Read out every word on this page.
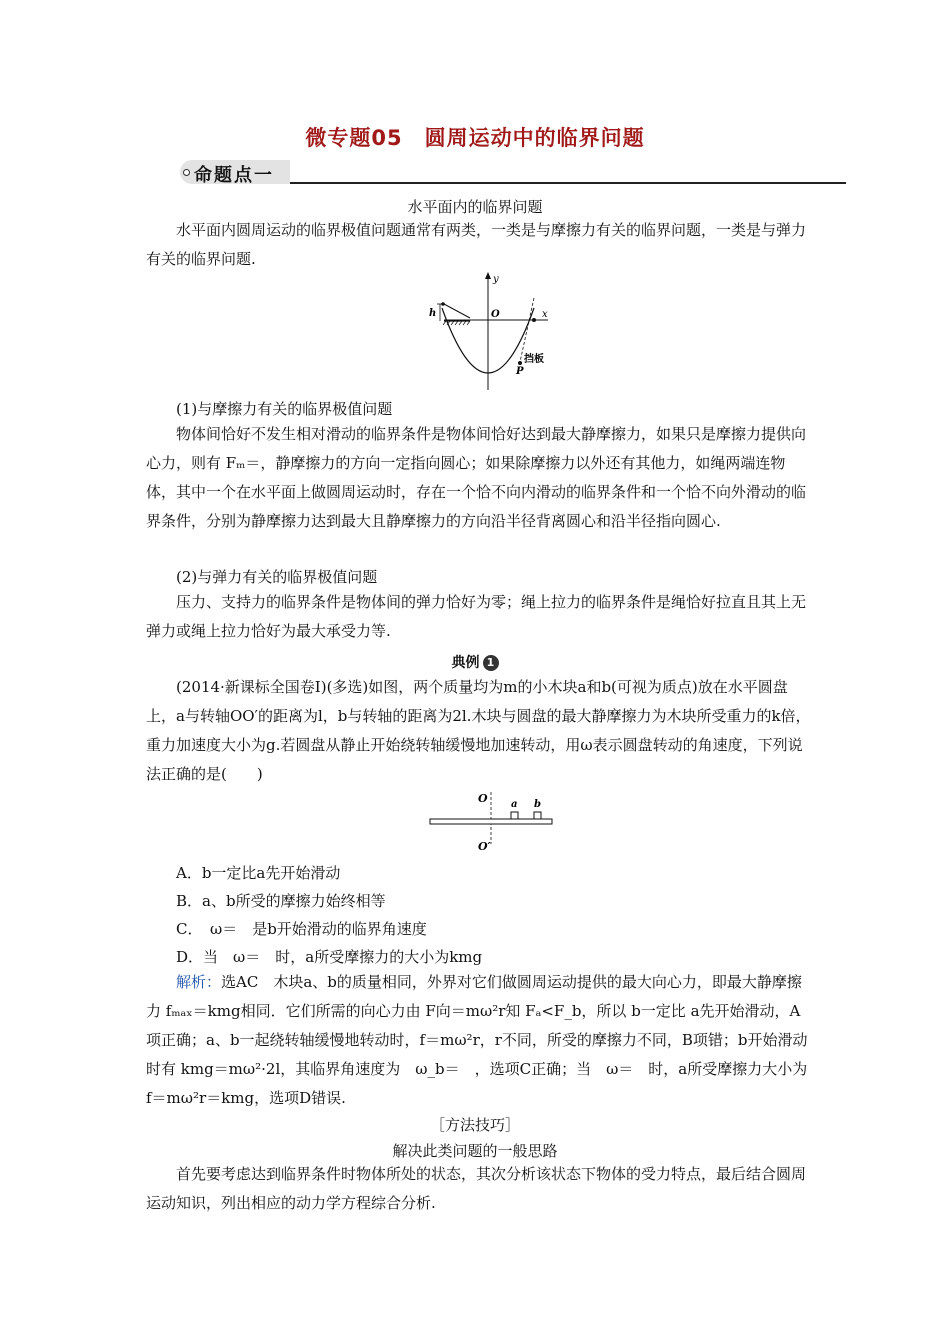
微专题05　圆周运动中的临界问题
命题点一
水平面内的临界问题
水平面内圆周运动的临界极值问题通常有两类，一类是与摩擦力有关的临界问题，一类是与弹力有关的临界问题.
y
x
O
h
挡板
P
(1)与摩擦力有关的临界极值问题
物体间恰好不发生相对滑动的临界条件是物体间恰好达到最大静摩擦力，如果只是摩擦力提供向心力，则有 Fₘ＝，静摩擦力的方向一定指向圆心；如果除摩擦力以外还有其他力，如绳两端连物体，其中一个在水平面上做圆周运动时，存在一个恰不向内滑动的临界条件和一个恰不向外滑动的临界条件，分别为静摩擦力达到最大且静摩擦力的方向沿半径背离圆心和沿半径指向圆心.
(2)与弹力有关的临界极值问题
压力、支持力的临界条件是物体间的弹力恰好为零；绳上拉力的临界条件是绳恰好拉直且其上无弹力或绳上拉力恰好为最大承受力等.
典例 1
(2014·新课标全国卷Ⅰ)(多选)如图，两个质量均为m的小木块a和b(可视为质点)放在水平圆盘上，a与转轴OO′的距离为l，b与转轴的距离为2l.木块与圆盘的最大静摩擦力为木块所受重力的k倍，重力加速度大小为g.若圆盘从静止开始绕转轴缓慢地加速转动，用ω表示圆盘转动的角速度，下列说法正确的是(　　)
O
O′
a b
A．b一定比a先开始滑动
B．a、b所受的摩擦力始终相等
C．　ω＝　是b开始滑动的临界角速度
D．当　ω＝　时，a所受摩擦力的大小为kmg
解析：选AC　木块a、b的质量相同，外界对它们做圆周运动提供的最大向心力，即最大静摩擦力 fₘₐₓ＝kmg相同．它们所需的向心力由 F向＝mω²r知 Fₐ<F_b，所以 b一定比 a先开始滑动，A项正确；a、b一起绕转轴缓慢地转动时，f＝mω²r，r不同，所受的摩擦力不同，B项错；b开始滑动时有 kmg＝mω²·2l，其临界角速度为　ω_b＝　，选项C正确；当　ω＝　时，a所受摩擦力大小为 f＝mω²r＝kmg，选项D错误.
［方法技巧］
解决此类问题的一般思路
首先要考虑达到临界条件时物体所处的状态，其次分析该状态下物体的受力特点，最后结合圆周运动知识，列出相应的动力学方程综合分析.
